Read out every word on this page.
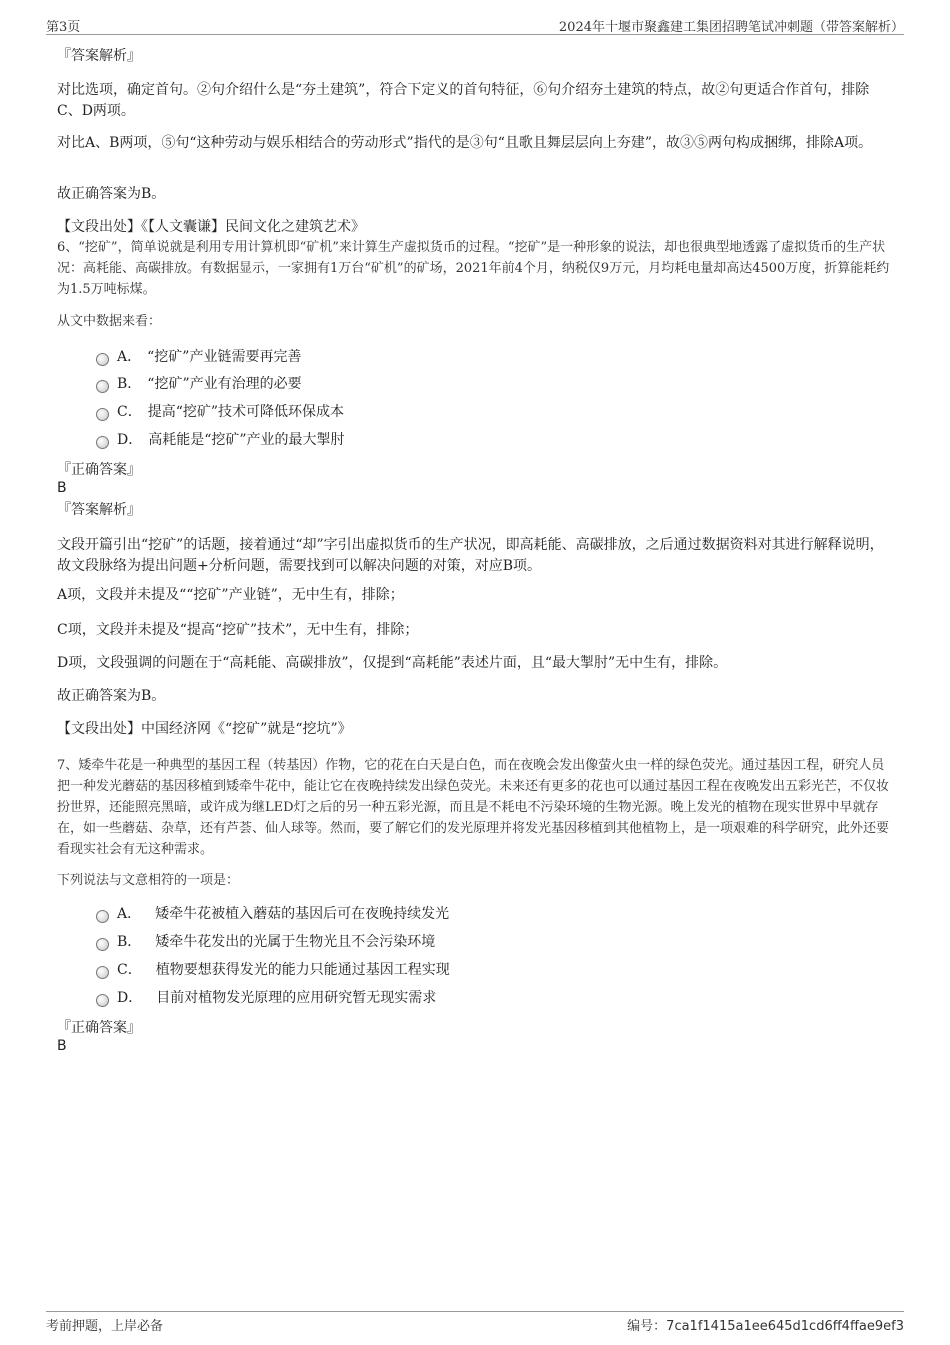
第3页	2024年十堰市聚鑫建工集团招聘笔试冲刺题（带答案解析）
『答案解析』
对比选项，确定首句。②句介绍什么是“夯土建筑”，符合下定义的首句特征，⑥句介绍夯土建筑的特点，故②句更适合作首句，排除C、D两项。
对比A、B两项，⑤句“这种劳动与娱乐相结合的劳动形式”指代的是③句“且歌且舞层层向上夯建”，故③⑤两句构成捆绑，排除A项。
故正确答案为B。
【文段出处】《【人文囊谦】民间文化之建筑艺术》
6、“挖矿”，简单说就是利用专用计算机即“矿机”来计算生产虚拟货币的过程。“挖矿”是一种形象的说法，却也很典型地透露了虚拟货币的生产状况：高耗能、高碳排放。有数据显示，一家拥有1万台“矿机”的矿场，2021年前4个月，纳税仅9万元，月均耗电量却高达4500万度，折算能耗约为1.5万吨标煤。
从文中数据来看：
A． “挖矿”产业链需要再完善
B． “挖矿”产业有治理的必要
C． 提高“挖矿”技术可降低环保成本
D． 高耗能是“挖矿”产业的最大掣肘
『正确答案』
B
『答案解析』
文段开篇引出“挖矿”的话题，接着通过“却”字引出虚拟货币的生产状况，即高耗能、高碳排放，之后通过数据资料对其进行解释说明，故文段脉络为提出问题+分析问题，需要找到可以解决问题的对策，对应B项。
A项，文段并未提及““挖矿”产业链”，无中生有，排除；
C项，文段并未提及“提高“挖矿”技术”，无中生有，排除；
D项，文段强调的问题在于“高耗能、高碳排放”，仅提到“高耗能”表述片面，且“最大掣肘”无中生有，排除。
故正确答案为B。
【文段出处】中国经济网《“挖矿”就是“挖坑”》
7、矮牵牛花是一种典型的基因工程（转基因）作物，它的花在白天是白色，而在夜晚会发出像萤火虫一样的绿色荧光。通过基因工程，研究人员把一种发光蘑菇的基因移植到矮牵牛花中，能让它在夜晚持续发出绿色荧光。未来还有更多的花也可以通过基因工程在夜晚发出五彩光芒，不仅妆扮世界，还能照亮黑暗，或许成为继LED灯之后的另一种五彩光源，而且是不耗电不污染环境的生物光源。晚上发光的植物在现实世界中早就存在，如一些蘑菇、杂草，还有芦荟、仙人球等。然而，要了解它们的发光原理并将发光基因移植到其他植物上，是一项艰难的科学研究，此外还要看现实社会有无这种需求。
下列说法与文意相符的一项是：
A． 矮牵牛花被植入蘑菇的基因后可在夜晚持续发光
B． 矮牵牛花发出的光属于生物光且不会污染环境
C． 植物要想获得发光的能力只能通过基因工程实现
D． 目前对植物发光原理的应用研究暂无现实需求
『正确答案』
B
考前押题，上岸必备	编号：7ca1f1415a1ee645d1cd6ff4ffae9ef3
